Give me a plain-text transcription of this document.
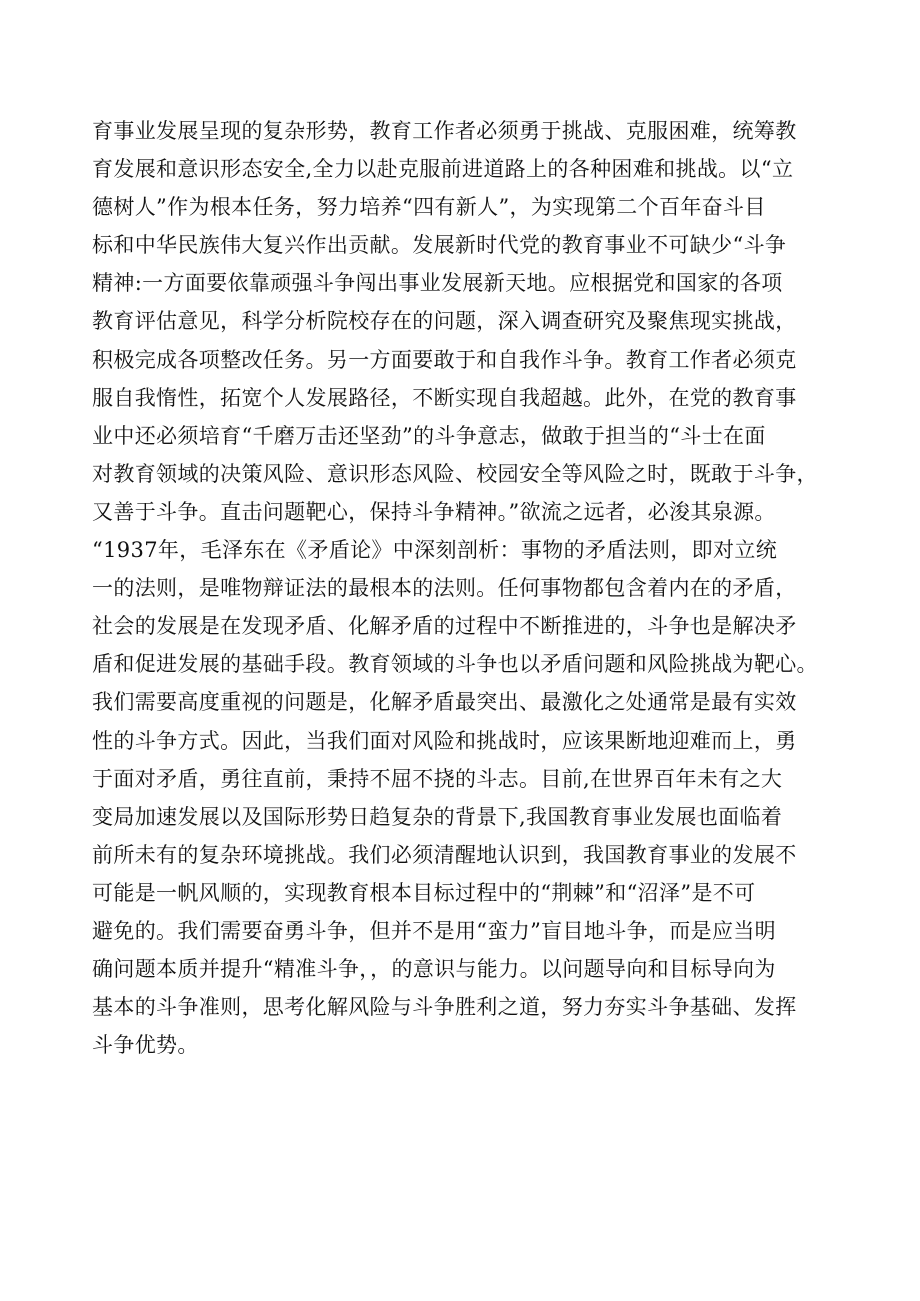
育事业发展呈现的复杂形势，教育工作者必须勇于挑战、克服困难，统筹教
育发展和意识形态安全,全力以赴克服前进道路上的各种困难和挑战。以“立
德树人”作为根本任务，努力培养“四有新人”，为实现第二个百年奋斗目
标和中华民族伟大复兴作出贡献。发展新时代党的教育事业不可缺少“斗争
精神:一方面要依靠顽强斗争闯出事业发展新天地。应根据党和国家的各项
教育评估意见，科学分析院校存在的问题，深入调查研究及聚焦现实挑战，
积极完成各项整改任务。另一方面要敢于和自我作斗争。教育工作者必须克
服自我惰性，拓宽个人发展路径，不断实现自我超越。此外，在党的教育事
业中还必须培育“千磨万击还坚劲”的斗争意志，做敢于担当的“斗士在面
对教育领域的决策风险、意识形态风险、校园安全等风险之时，既敢于斗争，
又善于斗争。直击问题靶心，保持斗争精神。”欲流之远者，必浚其泉源。
“1937年，毛泽东在《矛盾论》中深刻剖析：事物的矛盾法则，即对立统
一的法则，是唯物辩证法的最根本的法则。任何事物都包含着内在的矛盾，
社会的发展是在发现矛盾、化解矛盾的过程中不断推进的，斗争也是解决矛
盾和促进发展的基础手段。教育领域的斗争也以矛盾问题和风险挑战为靶心。
我们需要高度重视的问题是，化解矛盾最突出、最激化之处通常是最有实效
性的斗争方式。因此，当我们面对风险和挑战时，应该果断地迎难而上，勇
于面对矛盾，勇往直前，秉持不屈不挠的斗志。目前,在世界百年未有之大
变局加速发展以及国际形势日趋复杂的背景下,我国教育事业发展也面临着
前所未有的复杂环境挑战。我们必须清醒地认识到，我国教育事业的发展不
可能是一帆风顺的，实现教育根本目标过程中的“荆棘”和“沼泽”是不可
避免的。我们需要奋勇斗争，但并不是用“蛮力”盲目地斗争，而是应当明
确问题本质并提升“精准斗争，，的意识与能力。以问题导向和目标导向为
基本的斗争准则，思考化解风险与斗争胜利之道，努力夯实斗争基础、发挥
斗争优势。
